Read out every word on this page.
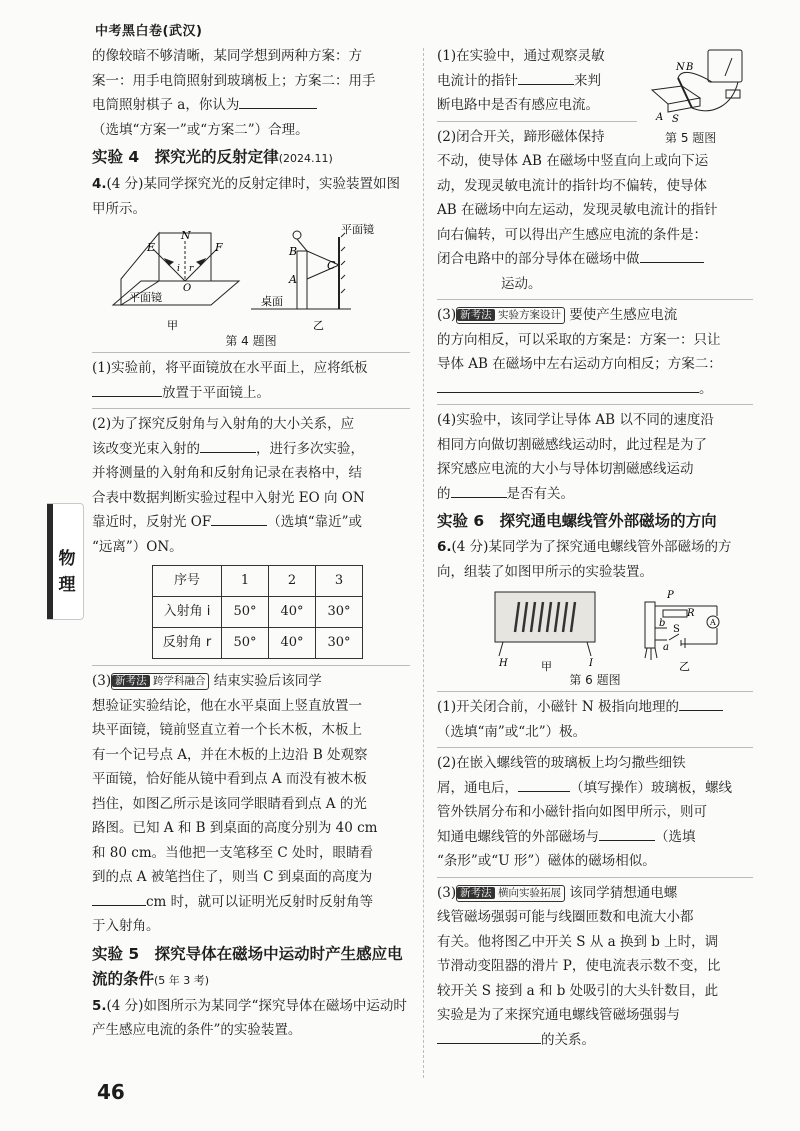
中考黑白卷(武汉)
物理

的像较暗不够清晰，某同学想到两种方案：方

案一：用手电筒照射到玻璃板上；方案二：用手

电筒照射棋子 a，你认为

（选填“方案一”或“方案二”）合理。

实验 4　探究光的反射定律(2024.11)

4.(4 分)某同学探究光的反射定律时，实验装置如图甲所示。

E
N
F
i r
O
平面镜
甲
平面镜
B
A
C
桌面
乙
第 4 题图

(1)实验前，将平面镜放在水平面上，应将纸板
放置于平面镜上。

(2)为了探究反射角与入射角的大小关系，应
该改变光束入射的	，进行多次实验，
并将测量的入射角和反射角记录在表格中，结
合表中数据判断实验过程中入射光 EO 向 ON
靠近时，反射光 OF	（选填“靠近”或
“远离”）ON。

序号	1	2	3
入射角 i	50°	40°	30°
反射角 r	50°	40°	30°

(3) 新考法 跨学科融合 结束实验后该同学
想验证实验结论，他在水平桌面上竖直放置一
块平面镜，镜前竖直立着一个长木板，木板上
有一个记号点 A，并在木板的上边沿 B 处观察
平面镜，恰好能从镜中看到点 A 而没有被木板
挡住，如图乙所示是该同学眼睛看到点 A 的光
路图。已知 A 和 B 到桌面的高度分别为 40 cm
和 80 cm。当他把一支笔移至 C 处时，眼睛看
到的点 A 被笔挡住了，则当 C 到桌面的高度为
cm 时，就可以证明光反射时反射角等
于入射角。

实验 5　探究导体在磁场中运动时产生感应电流的条件(5 年 3 考)

5.(4 分)如图所示为某同学“探究导体在磁场中运动时产生感应电流的条件”的实验装置。

(1)在实验中，通过观察灵敏
电流计的指针	来判
断电路中是否有感应电流。

N B
A S
第 5 题图

(2)闭合开关，蹄形磁体保持
不动，使导体 AB 在磁场中竖直向上或向下运
动，发现灵敏电流计的指针均不偏转，使导体
AB 在磁场中向左运动，发现灵敏电流计的指针
向右偏转，可以得出产生感应电流的条件是：
闭合电路中的部分导体在磁场中做
运动。

(3) 新考法 实验方案设计 要使产生感应电流
的方向相反，可以采取的方案是：方案一：只让
导体 AB 在磁场中左右运动方向相反；方案二：
。

(4)实验中，该同学让导体 AB 以不同的速度沿
相同方向做切割磁感线运动时，此过程是为了
探究感应电流的大小与导体切割磁感线运动
的	是否有关。

实验 6　探究通电螺线管外部磁场的方向

6.(4 分)某同学为了探究通电螺线管外部磁场的方向，组装了如图甲所示的实验装置。

H	I
P
R
A
b
a
S
甲	乙
第 6 题图

(1)开关闭合前，小磁针 N 极指向地理的
（选填“南”或“北”）极。

(2)在嵌入螺线管的玻璃板上均匀撒些细铁
屑，通电后，	（填写操作）玻璃板，螺线
管外铁屑分布和小磁针指向如图甲所示，则可
知通电螺线管的外部磁场与	（选填
“条形”或“U 形”）磁体的磁场相似。

(3) 新考法 横向实验拓展 该同学猜想通电螺
线管磁场强弱可能与线圈匝数和电流大小都
有关。他将图乙中开关 S 从 a 换到 b 上时，调
节滑动变阻器的滑片 P，使电流表示数不变，比
较开关 S 接到 a 和 b 处吸引的大头针数目，此
实验是为了来探究通电螺线管磁场强弱与
的关系。

46
